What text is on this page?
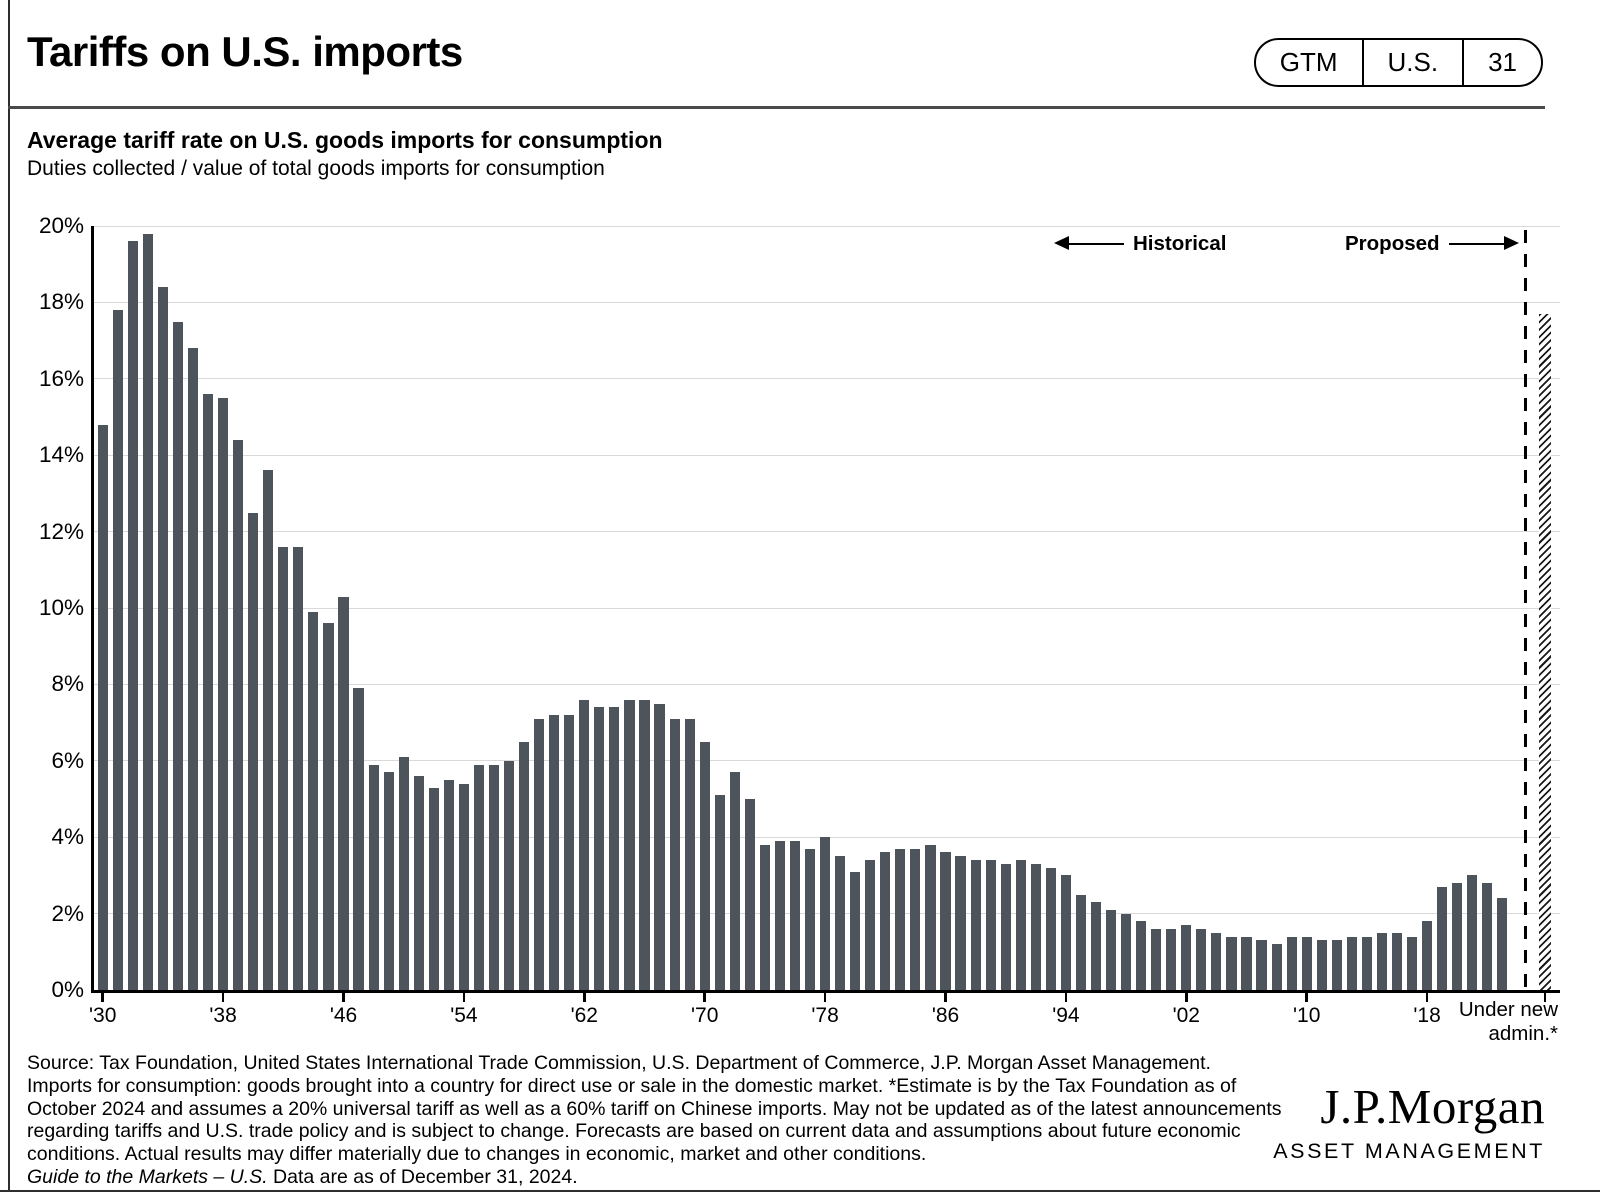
Tariffs on U.S. imports	GTM	U.S.	31
Average tariff rate on U.S. goods imports for consumption
Duties collected / value of total goods imports for consumption
0%
2%
4%
6%
8%
10%
12%
14%
16%
18%
20%
Historical	Proposed
'30	'38	'46	'54	'62	'70	'78	'86	'94	'02	'10	'18 Under new
admin.*
Source: Tax Foundation, United States International Trade Commission, U.S. Department of Commerce, J.P. Morgan Asset Management.
Imports for consumption: goods brought into a country for direct use or sale in the domestic market. *Estimate is by the Tax Foundation as of
October 2024 and assumes a 20% universal tariff as well as a 60% tariff on Chinese imports. May not be updated as of the latest announcements
regarding tariffs and U.S. trade policy and is subject to change. Forecasts are based on current data and assumptions about future economic
conditions. Actual results may differ materially due to changes in economic, market and other conditions.
Guide to the Markets – U.S. Data are as of December 31, 2024.
J.P.Morgan
ASSET MANAGEMENT
